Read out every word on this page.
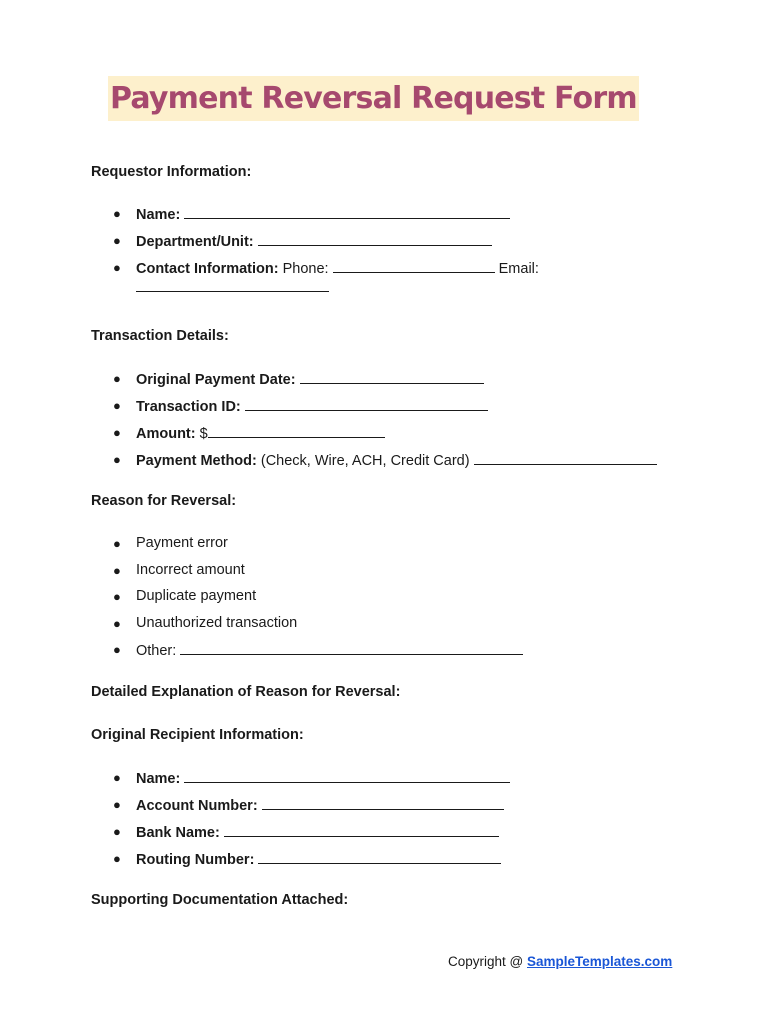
Payment Reversal Request Form
Requestor Information:
● Name:
● Department/Unit:
● Contact Information: Phone:	Email:

Transaction Details:
● Original Payment Date:
● Transaction ID:
● Amount: $
● Payment Method: (Check, Wire, ACH, Credit Card)
Reason for Reversal:
● Payment error
● Incorrect amount
● Duplicate payment
● Unauthorized transaction
● Other:
Detailed Explanation of Reason for Reversal:
Original Recipient Information:
● Name:
● Account Number:
● Bank Name:
● Routing Number:
Supporting Documentation Attached:
Copyright @ SampleTemplates.com
